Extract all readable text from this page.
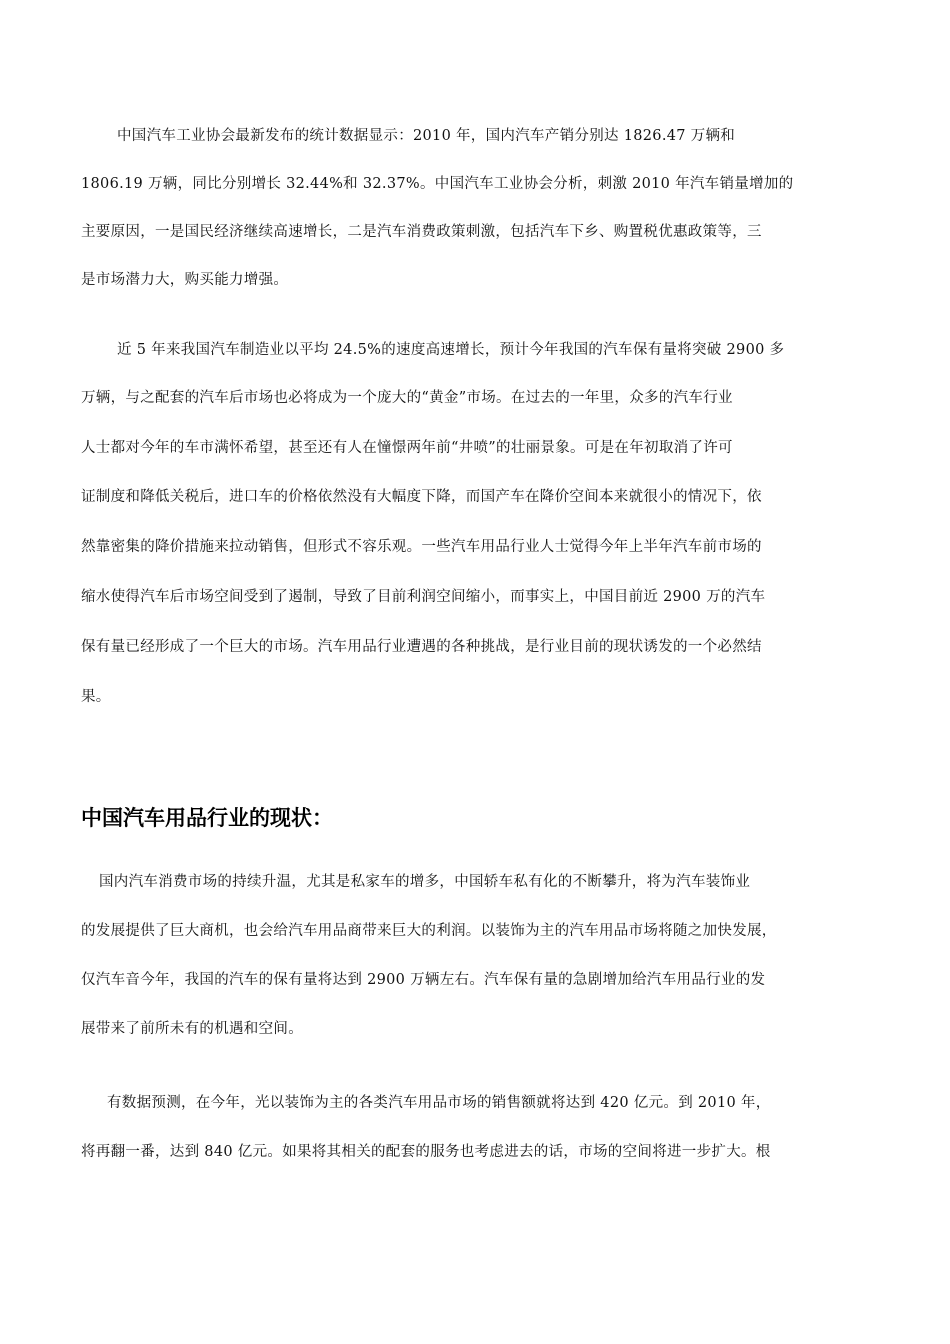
中国汽车工业协会最新发布的统计数据显示：2010 年，国内汽车产销分别达 1826.47 万辆和
1806.19 万辆，同比分别增长 32.44%和 32.37%。中国汽车工业协会分析，刺激 2010 年汽车销量增加的
主要原因，一是国民经济继续高速增长，二是汽车消费政策刺激，包括汽车下乡、购置税优惠政策等，三
是市场潜力大，购买能力增强。
近 5 年来我国汽车制造业以平均 24.5%的速度高速增长，预计今年我国的汽车保有量将突破 2900 多
万辆，与之配套的汽车后市场也必将成为一个庞大的“黄金”市场。在过去的一年里，众多的汽车行业
人士都对今年的车市满怀希望，甚至还有人在憧憬两年前“井喷”的壮丽景象。可是在年初取消了许可
证制度和降低关税后，进口车的价格依然没有大幅度下降，而国产车在降价空间本来就很小的情况下，依
然靠密集的降价措施来拉动销售，但形式不容乐观。一些汽车用品行业人士觉得今年上半年汽车前市场的
缩水使得汽车后市场空间受到了遏制，导致了目前利润空间缩小，而事实上，中国目前近 2900 万的汽车
保有量已经形成了一个巨大的市场。汽车用品行业遭遇的各种挑战，是行业目前的现状诱发的一个必然结
果。
中国汽车用品行业的现状：
国内汽车消费市场的持续升温，尤其是私家车的增多，中国轿车私有化的不断攀升，将为汽车装饰业
的发展提供了巨大商机，也会给汽车用品商带来巨大的利润。以装饰为主的汽车用品市场将随之加快发展，
仅汽车音今年，我国的汽车的保有量将达到 2900 万辆左右。汽车保有量的急剧增加给汽车用品行业的发
展带来了前所未有的机遇和空间。
有数据预测，在今年，光以装饰为主的各类汽车用品市场的销售额就将达到 420 亿元。到 2010 年，
将再翻一番，达到 840 亿元。如果将其相关的配套的服务也考虑进去的话，市场的空间将进一步扩大。根
